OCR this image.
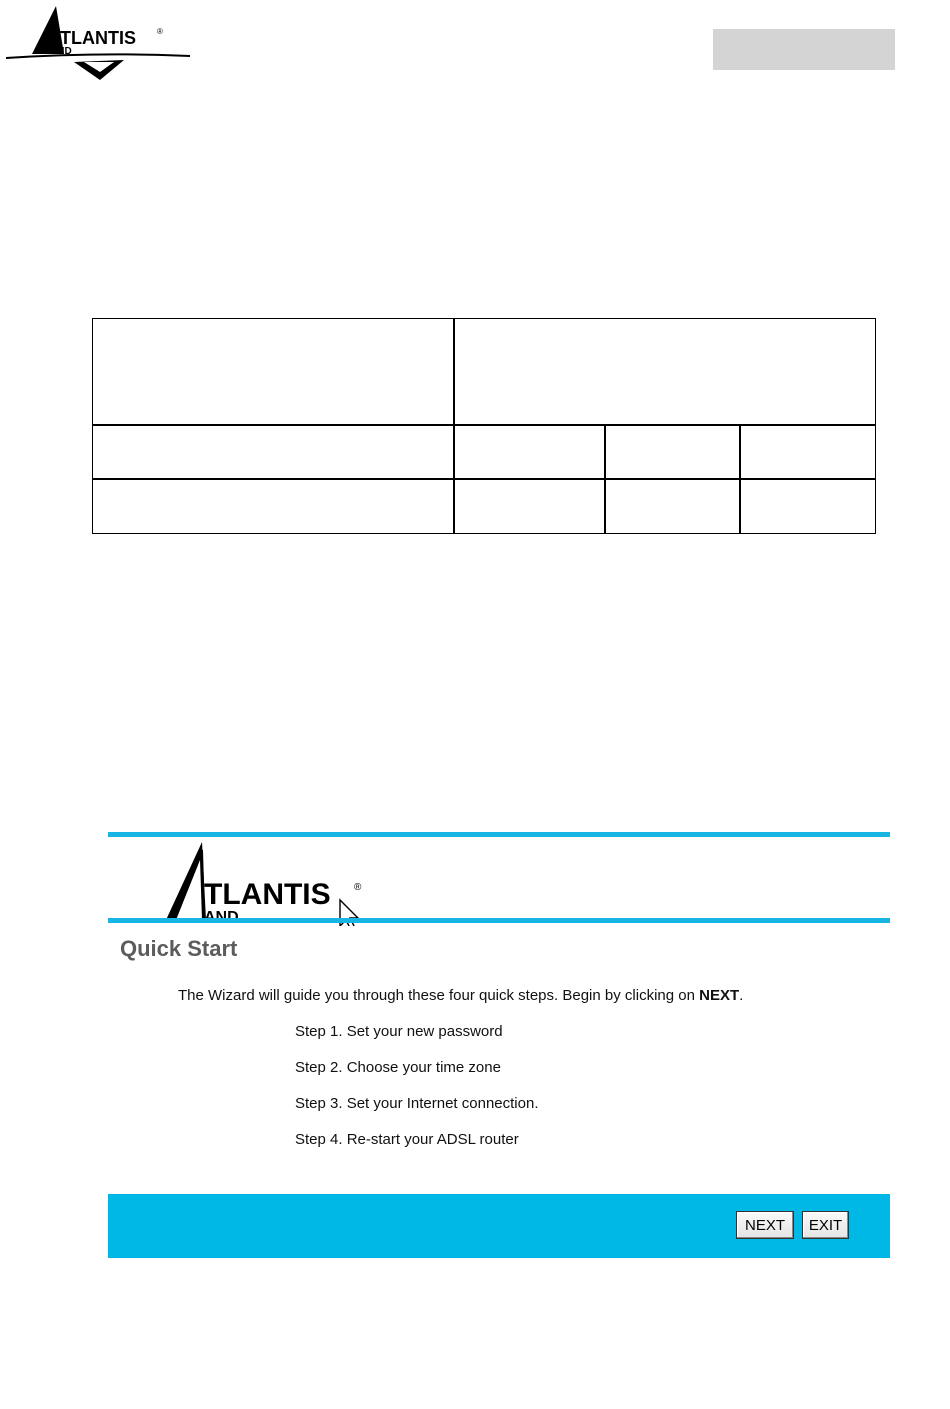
TLANTIS
AND
®
TLANTIS ®
Quick Start
The Wizard will guide you through these four quick steps. Begin by clicking on NEXT.
Step 1. Set your new password
Step 2. Choose your time zone
Step 3. Set your Internet connection.
Step 4. Re-start your ADSL router
NEXT	EXIT
